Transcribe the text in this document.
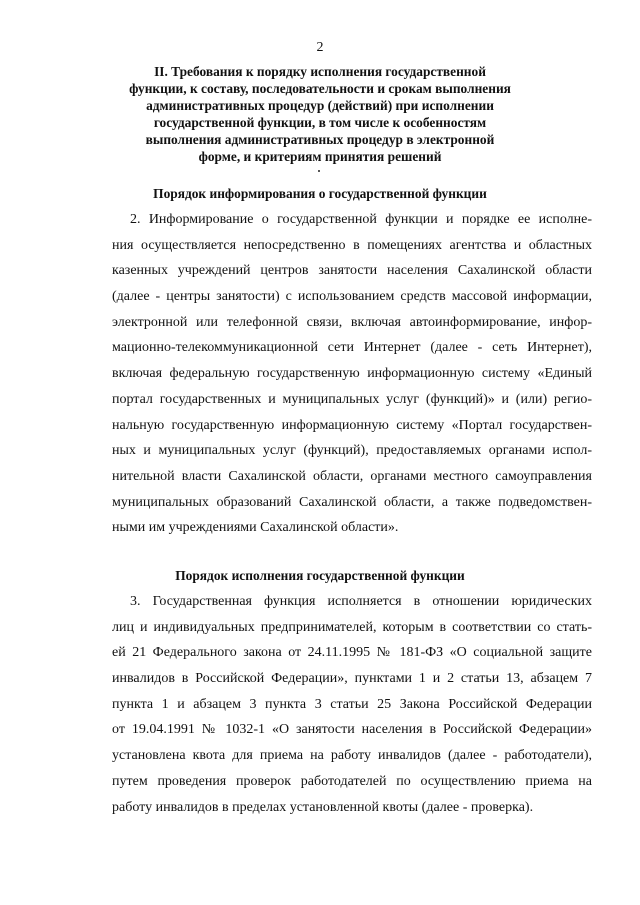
2
II. Требования к порядку исполнения государственной
функции, к составу, последовательности и срокам выполнения
административных процедур (действий) при исполнении
государственной функции, в том числе к особенностям
выполнения административных процедур в электронной
форме, и критериям принятия решений
Порядок информирования о государственной функции
2. Информирование о государственной функции и порядке ее исполне-
ния осуществляется непосредственно в помещениях агентства и областных
казенных учреждений центров занятости населения Сахалинской области
(далее - центры занятости) с использованием средств массовой информации,
электронной или телефонной связи, включая автоинформирование, инфор-
мационно-телекоммуникационной сети Интернет (далее - сеть Интернет),
включая федеральную государственную информационную систему «Единый
портал государственных и муниципальных услуг (функций)» и (или) регио-
нальную государственную информационную систему «Портал государствен-
ных и муниципальных услуг (функций), предоставляемых органами испол-
нительной власти Сахалинской области, органами местного самоуправления
муниципальных образований Сахалинской области, а также подведомствен-
ными им учреждениями Сахалинской области».
Порядок исполнения государственной функции
3. Государственная функция исполняется в отношении юридических
лиц и индивидуальных предпринимателей, которым в соответствии со стать-
ей 21 Федерального закона от 24.11.1995 № 181-ФЗ «О социальной защите
инвалидов в Российской Федерации», пунктами 1 и 2 статьи 13, абзацем 7
пункта 1 и абзацем 3 пункта 3 статьи 25 Закона Российской Федерации
от 19.04.1991 № 1032-1 «О занятости населения в Российской Федерации»
установлена квота для приема на работу инвалидов (далее - работодатели),
путем проведения проверок работодателей по осуществлению приема на
работу инвалидов в пределах установленной квоты (далее - проверка).
